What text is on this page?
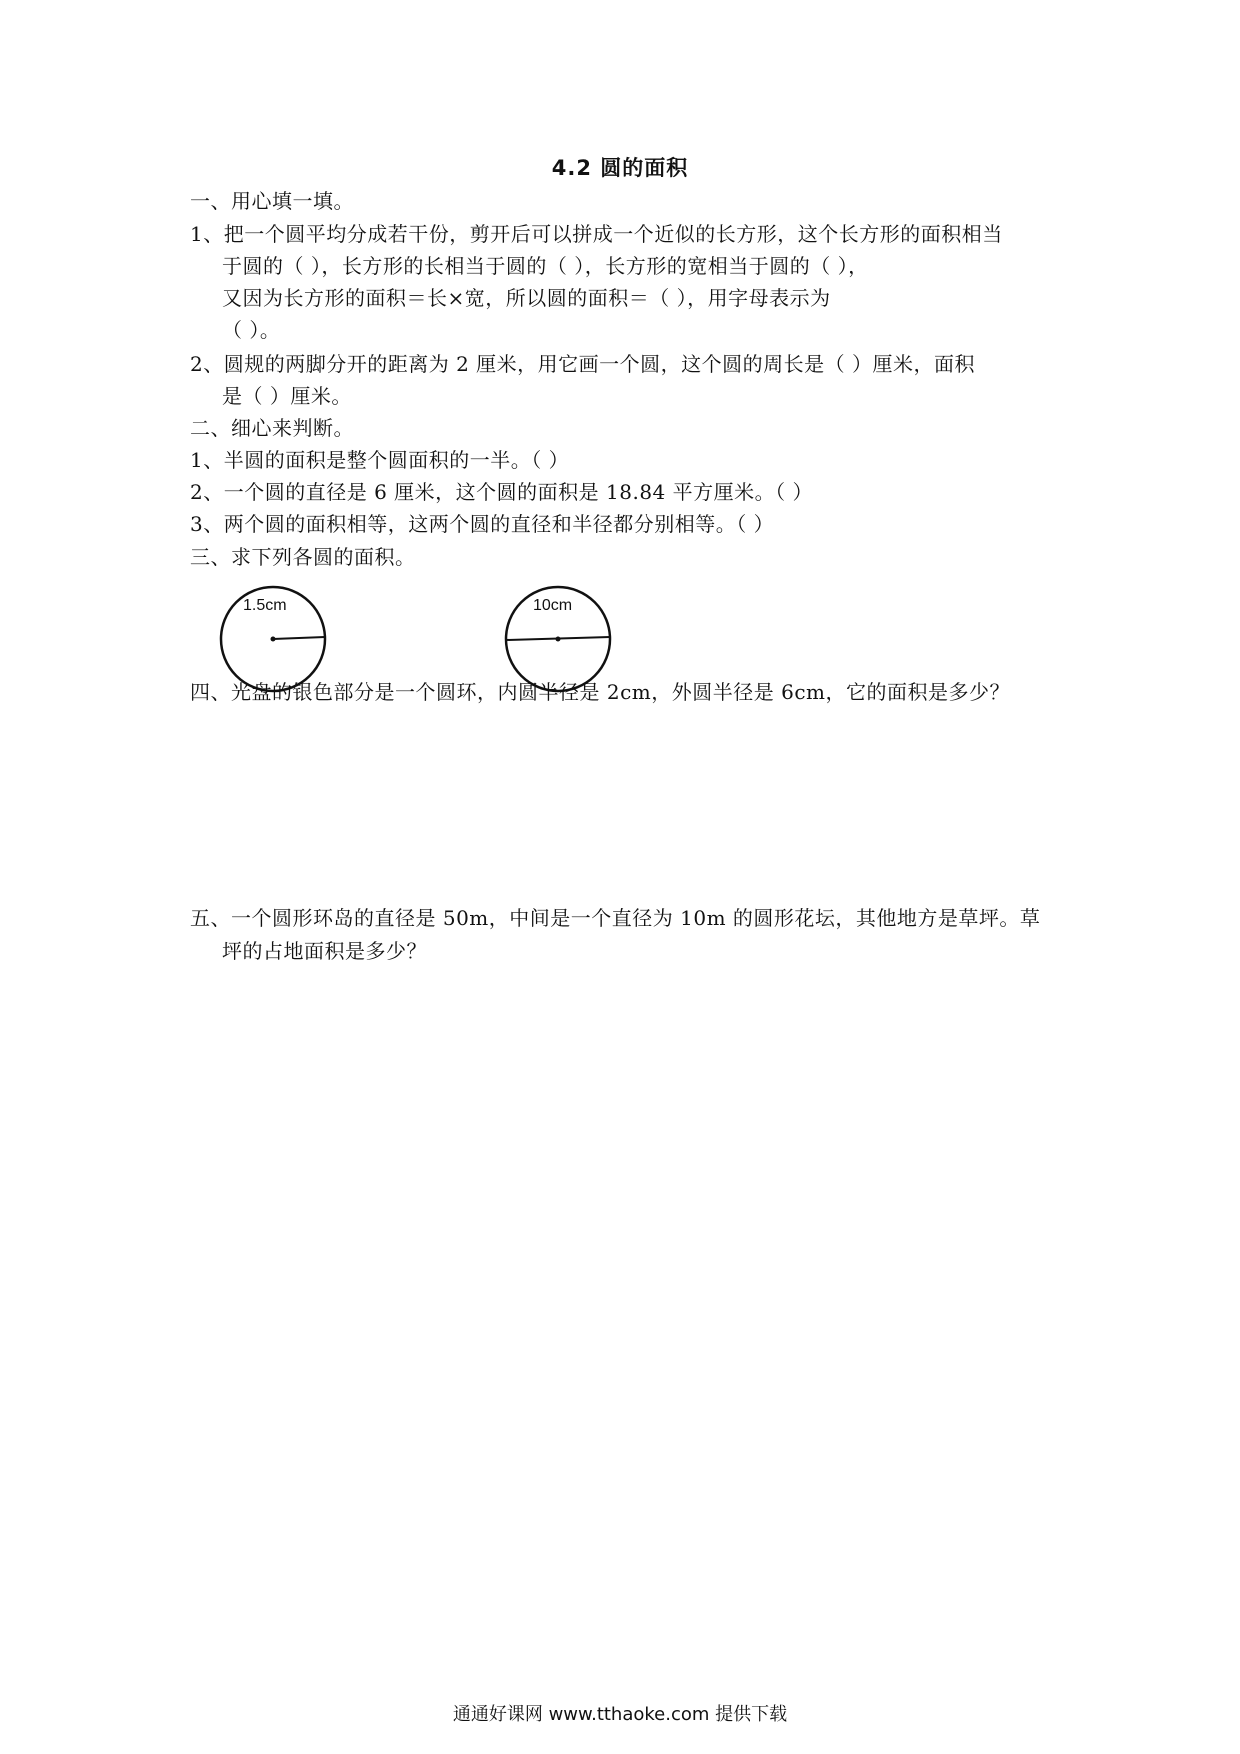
4.2 圆的面积
一、用心填一填。
1、把一个圆平均分成若干份，剪开后可以拼成一个近似的长方形，这个长方形的面积相当
于圆的（ ），长方形的长相当于圆的（ ），长方形的宽相当于圆的（ ），
又因为长方形的面积＝长×宽，所以圆的面积＝（ ），用字母表示为
（ ）。
2、圆规的两脚分开的距离为 2 厘米，用它画一个圆，这个圆的周长是（ ）厘米，面积
是（ ）厘米。
二、细心来判断。
1、半圆的面积是整个圆面积的一半。（ ）
2、一个圆的直径是 6 厘米，这个圆的面积是 18.84 平方厘米。（ ）
3、两个圆的面积相等，这两个圆的直径和半径都分别相等。（ ）
三、求下列各圆的面积。
1.5cm	10cm
四、光盘的银色部分是一个圆环，内圆半径是 2cm，外圆半径是 6cm，它的面积是多少？
五、一个圆形环岛的直径是 50m，中间是一个直径为 10m 的圆形花坛，其他地方是草坪。草
坪的占地面积是多少？
通通好课网 www.tthaoke.com 提供下载
